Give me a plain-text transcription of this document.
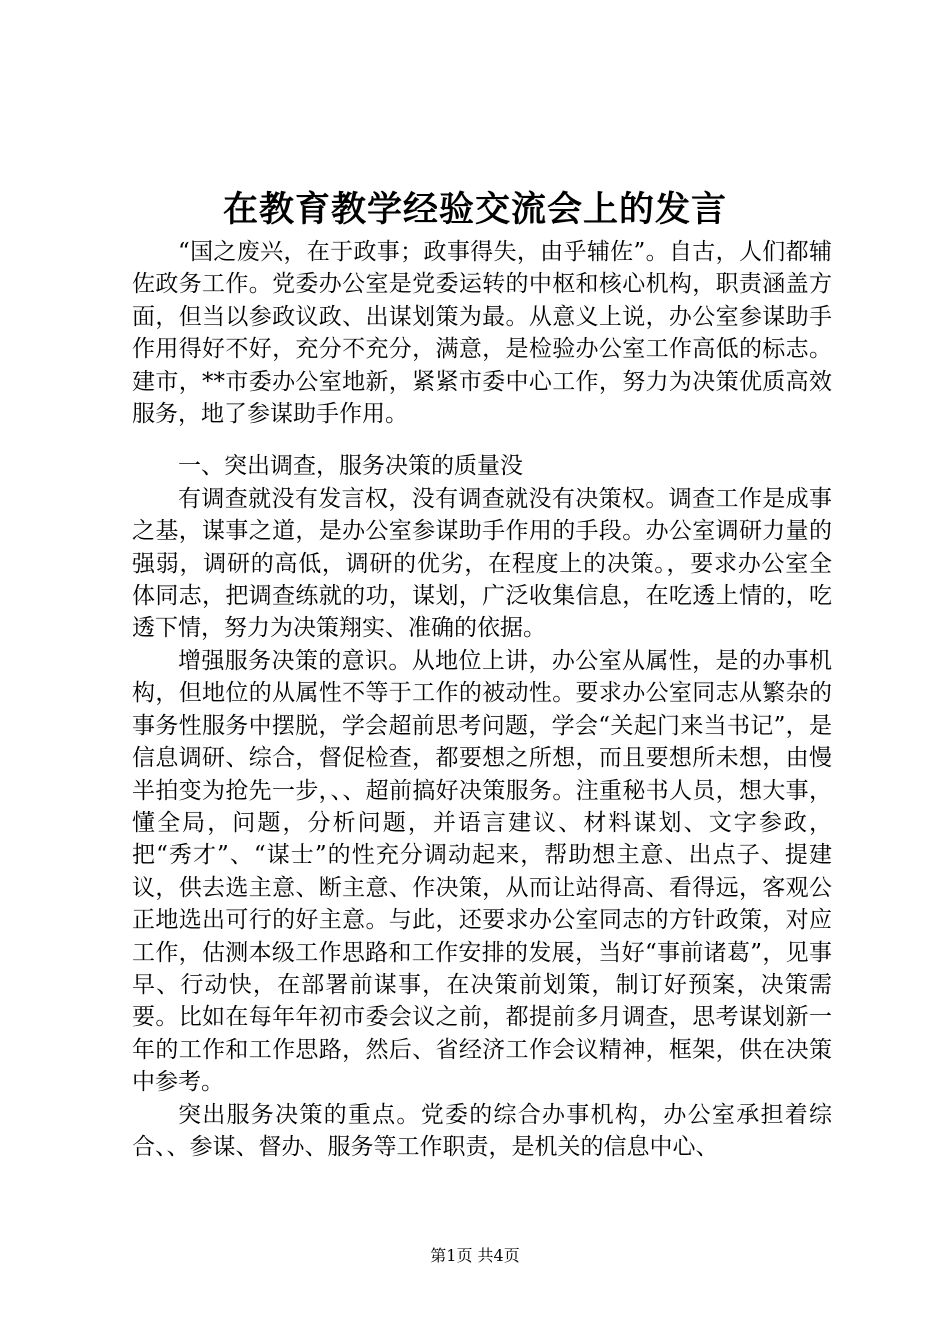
在教育教学经验交流会上的发言

“国之废兴，在于政事；政事得失，由乎辅佐”。自古，人们都辅佐政务工作。党委办公室是党委运转的中枢和核心机构，职责涵盖方面，但当以参政议政、出谋划策为最。从意义上说，办公室参谋助手作用得好不好，充分不充分，满意，是检验办公室工作高低的标志。建市，**市委办公室地新，紧紧市委中心工作，努力为决策优质高效服务，地了参谋助手作用。

一、突出调查，服务决策的质量没

有调查就没有发言权，没有调查就没有决策权。调查工作是成事之基，谋事之道，是办公室参谋助手作用的手段。办公室调研力量的强弱，调研的高低，调研的优劣，在程度上的决策。，要求办公室全体同志，把调查练就的功，谋划，广泛收集信息，在吃透上情的，吃透下情，努力为决策翔实、准确的依据。

增强服务决策的意识。从地位上讲，办公室从属性，是的办事机构，但地位的从属性不等于工作的被动性。要求办公室同志从繁杂的事务性服务中摆脱，学会超前思考问题，学会“关起门来当书记”，是信息调研、综合，督促检查，都要想之所想，而且要想所未想，由慢半拍变为抢先一步，、、超前搞好决策服务。注重秘书人员，想大事，懂全局，问题，分析问题，并语言建议、材料谋划、文字参政，把“秀才”、“谋士”的性充分调动起来，帮助想主意、出点子、提建议，供去选主意、断主意、作决策，从而让站得高、看得远，客观公正地选出可行的好主意。与此，还要求办公室同志的方针政策，对应工作，估测本级工作思路和工作安排的发展，当好“事前诸葛”，见事早、行动快，在部署前谋事，在决策前划策，制订好预案，决策需要。比如在每年年初市委会议之前，都提前多月调查，思考谋划新一年的工作和工作思路，然后、省经济工作会议精神，框架，供在决策中参考。

突出服务决策的重点。党委的综合办事机构，办公室承担着综合、、参谋、督办、服务等工作职责，是机关的信息中心、

第1页 共4页
